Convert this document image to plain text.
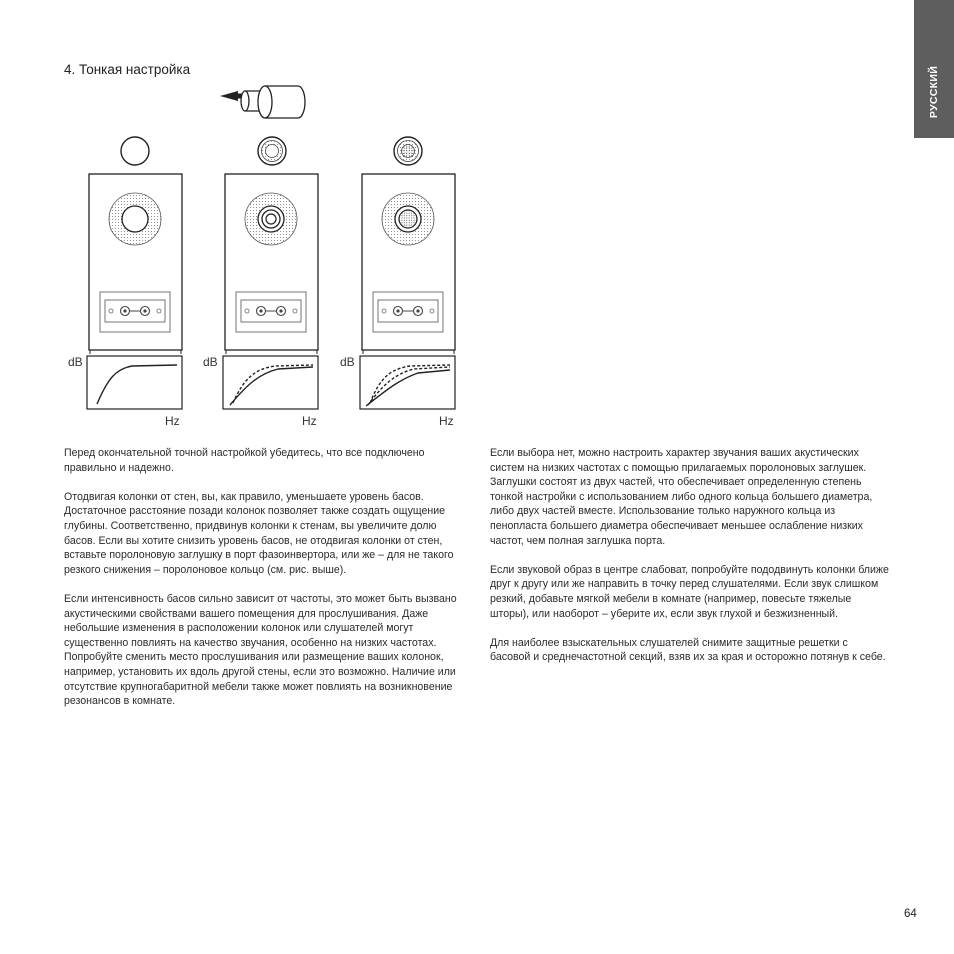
РУССКИЙ
4. Тонкая настройка
dB
Hz
dB
Hz
dB
Hz

Перед окончательной точной настройкой убедитесь, что все подключено правильно и надежно.

Отодвигая колонки от стен, вы, как правило, уменьшаете уровень басов. Достаточное расстояние позади колонок позволяет также создать ощущение глубины. Соответственно, придвинув колонки к стенам, вы увеличите долю басов. Если вы хотите снизить уровень басов, не отодвигая колонки от стен, вставьте поролоновую заглушку в порт фазоинвертора, или же – для не такого резкого снижения – поролоновое кольцо (см. рис. выше).

Если интенсивность басов сильно зависит от частоты, это может быть вызвано акустическими свойствами вашего помещения для прослушивания. Даже небольшие изменения в расположении колонок или слушателей могут существенно повлиять на качество звучания, особенно на низких частотах. Попробуйте сменить место прослушивания или размещение ваших колонок, например, установить их вдоль другой стены, если это возможно. Наличие или отсутствие крупногабаритной мебели также может повлиять на возникновение резонансов в комнате.

Если выбора нет, можно настроить характер звучания ваших акустических систем на низких частотах с помощью прилагаемых поролоновых заглушек. Заглушки состоят из двух частей, что обеспечивает определенную степень тонкой настройки с использованием либо одного кольца большего диаметра, либо двух частей вместе. Использование только наружного кольца из пенопласта большего диаметра обеспечивает меньшее ослабление низких частот, чем полная заглушка порта.

Если звуковой образ в центре слабоват, попробуйте пододвинуть колонки ближе друг к другу или же направить в точку перед слушателями. Если звук слишком резкий, добавьте мягкой мебели в комнате (например, повесьте тяжелые шторы), или наоборот – уберите их, если звук глухой и безжизненный.

Для наиболее взыскательных слушателей снимите защитные решетки с басовой и среднечастотной секций, взяв их за края и осторожно потянув к себе.

64
